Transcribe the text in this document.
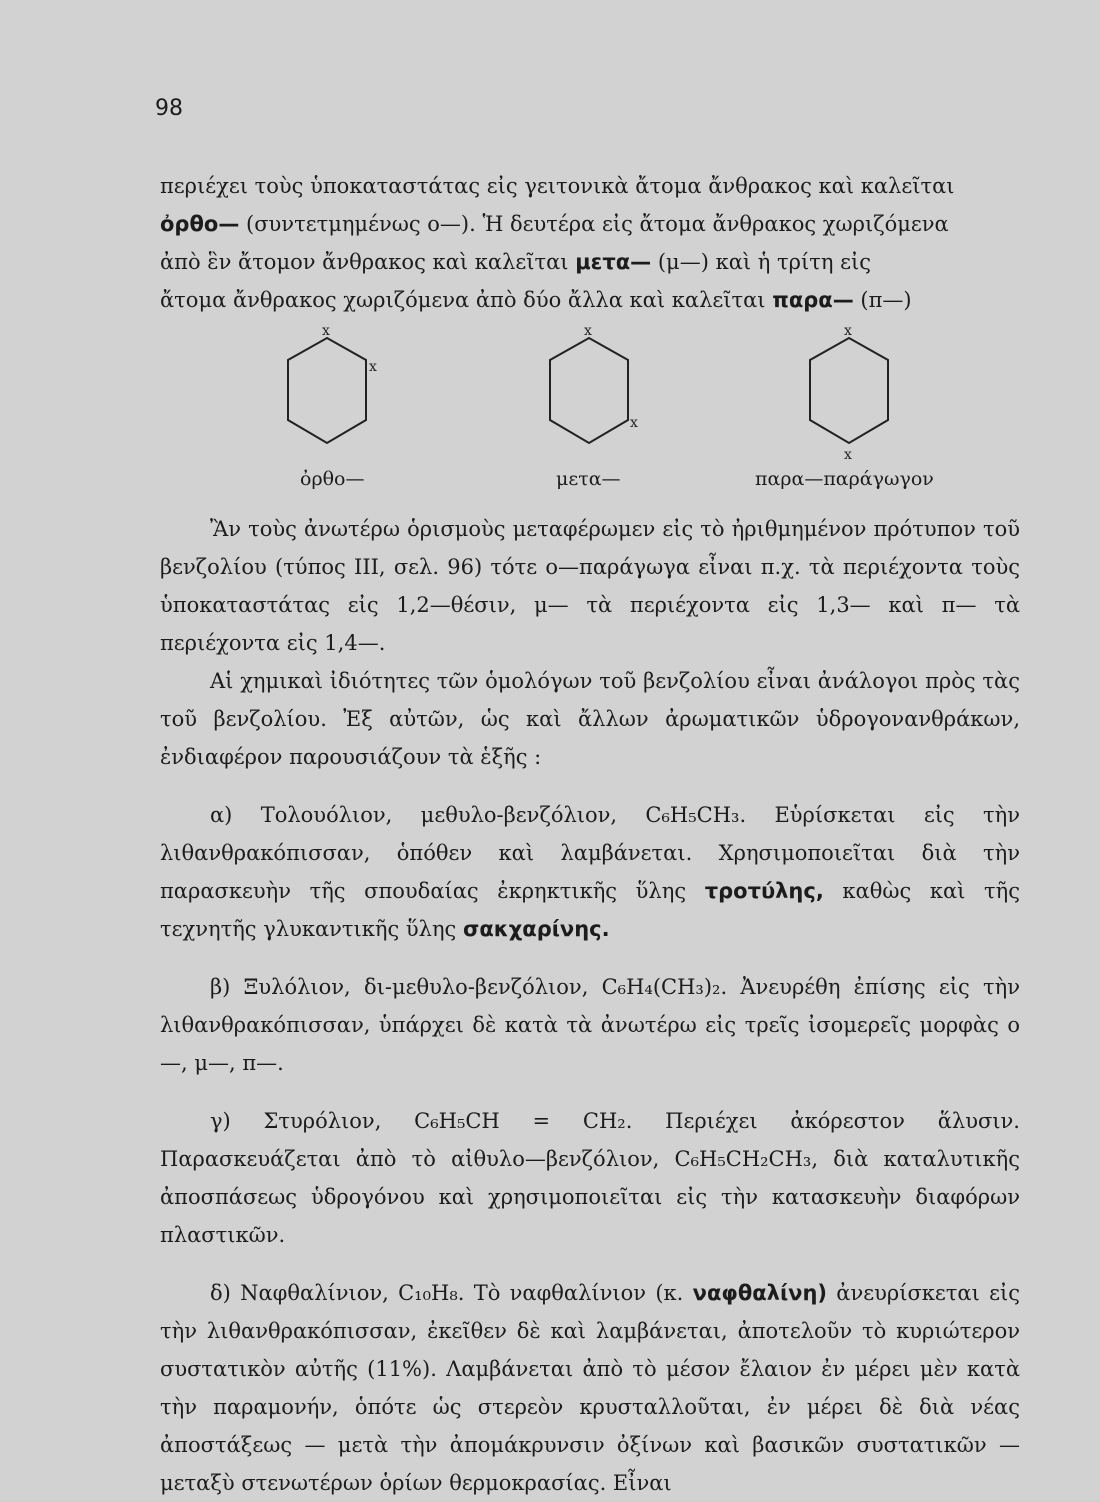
98

περιέχει τοὺς ὑποκαταστάτας εἰς γειτονικὰ ἄτομα ἄνθρακος καὶ καλεῖται

ὀρθο— (συντετμημένως ο—). Ἡ δευτέρα εἰς ἄτομα ἄνθρακος χωριζόμενα

ἀπὸ ἓν ἄτομον ἄνθρακος καὶ καλεῖται μετα— (μ—) καὶ ἡ τρίτη εἰς

ἄτομα ἄνθρακος χωριζόμενα ἀπὸ δύο ἄλλα καὶ καλεῖται παρα— (π—)

x
x
x
x
x
x
ὀρθο—	μετα—	παρα—παράγωγον

Ἂν τοὺς ἀνωτέρω ὁρισμοὺς μεταφέρωμεν εἰς τὸ ἠριθμημένον πρότυπον τοῦ βενζολίου (τύπος III, σελ. 96) τότε ο—παράγωγα εἶναι π.χ. τὰ περιέχοντα τοὺς ὑποκαταστάτας εἰς 1,2—θέσιν, μ— τὰ περιέχοντα εἰς 1,3— καὶ π— τὰ περιέχοντα εἰς 1,4—.

Αἱ χημικαὶ ἰδιότητες τῶν ὁμολόγων τοῦ βενζολίου εἶναι ἀνάλογοι πρὸς τὰς τοῦ βενζολίου. Ἐξ αὐτῶν, ὡς καὶ ἄλλων ἀρωματικῶν ὑδρογονανθράκων, ἐνδιαφέρον παρουσιάζουν τὰ ἑξῆς :

α) Τολουόλιον, μεθυλο-βενζόλιον, C₆H₅CH₃. Εὑρίσκεται εἰς τὴν λιθανθρακόπισσαν, ὁπόθεν καὶ λαμβάνεται. Χρησιμοποιεῖται διὰ τὴν παρασκευὴν τῆς σπουδαίας ἐκρηκτικῆς ὕλης τροτύλης, καθὼς καὶ τῆς τεχνητῆς γλυκαντικῆς ὕλης σακχαρίνης.

β) Ξυλόλιον, δι-μεθυλο-βενζόλιον, C₆H₄(CH₃)₂. Ἀνευρέθη ἐπίσης εἰς τὴν λιθανθρακόπισσαν, ὑπάρχει δὲ κατὰ τὰ ἀνωτέρω εἰς τρεῖς ἰσομερεῖς μορφὰς ο—, μ—, π—.

γ) Στυρόλιον, C₆H₅CH = CH₂. Περιέχει ἀκόρεστον ἅλυσιν. Παρασκευάζεται ἀπὸ τὸ αἰθυλο—βενζόλιον, C₆H₅CH₂CH₃, διὰ καταλυτικῆς ἀποσπάσεως ὑδρογόνου καὶ χρησιμοποιεῖται εἰς τὴν κατασκευὴν διαφόρων πλαστικῶν.

δ) Ναφθαλίνιον, C₁₀H₈. Τὸ ναφθαλίνιον (κ. ναφθαλίνη) ἀνευρίσκεται εἰς τὴν λιθανθρακόπισσαν, ἐκεῖθεν δὲ καὶ λαμβάνεται, ἀποτελοῦν τὸ κυριώτερον συστατικὸν αὐτῆς (11%). Λαμβάνεται ἀπὸ τὸ μέσον ἔλαιον ἐν μέρει μὲν κατὰ τὴν παραμονήν, ὁπότε ὡς στερεὸν κρυσταλλοῦται, ἐν μέρει δὲ διὰ νέας ἀποστάξεως — μετὰ τὴν ἀπομάκρυνσιν ὀξίνων καὶ βασικῶν συστατικῶν — μεταξὺ στενωτέρων ὁρίων θερμοκρασίας. Εἶναι
